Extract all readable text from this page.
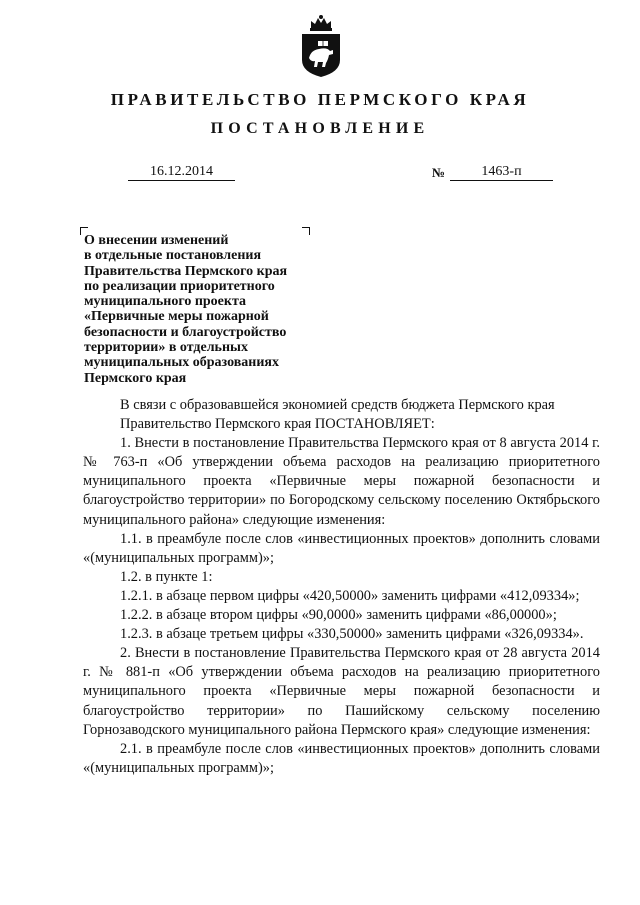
ПРАВИТЕЛЬСТВО ПЕРМСКОГО КРАЯ
ПОСТАНОВЛЕНИЕ
16.12.2014	№	1463-п
О внесении изменений
в отдельные постановления
Правительства Пермского края
по реализации приоритетного
муниципального проекта
«Первичные меры пожарной
безопасности и благоустройство
территории» в отдельных
муниципальных образованиях
Пермского края

В связи с образовавшейся экономией средств бюджета Пермского края

Правительство Пермского края ПОСТАНОВЛЯЕТ:

1. Внести в постановление Правительства Пермского края от 8 августа 2014 г. № 763-п «Об утверждении объема расходов на реализацию приоритетного муниципального проекта «Первичные меры пожарной безопасности и благоустройство территории» по Богородскому сельскому поселению Октябрьского муниципального района» следующие изменения:

1.1. в преамбуле после слов «инвестиционных проектов» дополнить словами «(муниципальных программ)»;

1.2. в пункте 1:

1.2.1. в абзаце первом цифры «420,50000» заменить цифрами «412,09334»;

1.2.2. в абзаце втором цифры «90,0000» заменить цифрами «86,00000»;

1.2.3. в абзаце третьем цифры «330,50000» заменить цифрами «326,09334».

2. Внести в постановление Правительства Пермского края от 28 августа 2014 г. № 881-п «Об утверждении объема расходов на реализацию приоритетного муниципального проекта «Первичные меры пожарной безопасности и благоустройство территории» по Пашийскому сельскому поселению Горнозаводского муниципального района Пермского края» следующие изменения:

2.1. в преамбуле после слов «инвестиционных проектов» дополнить словами «(муниципальных программ)»;
